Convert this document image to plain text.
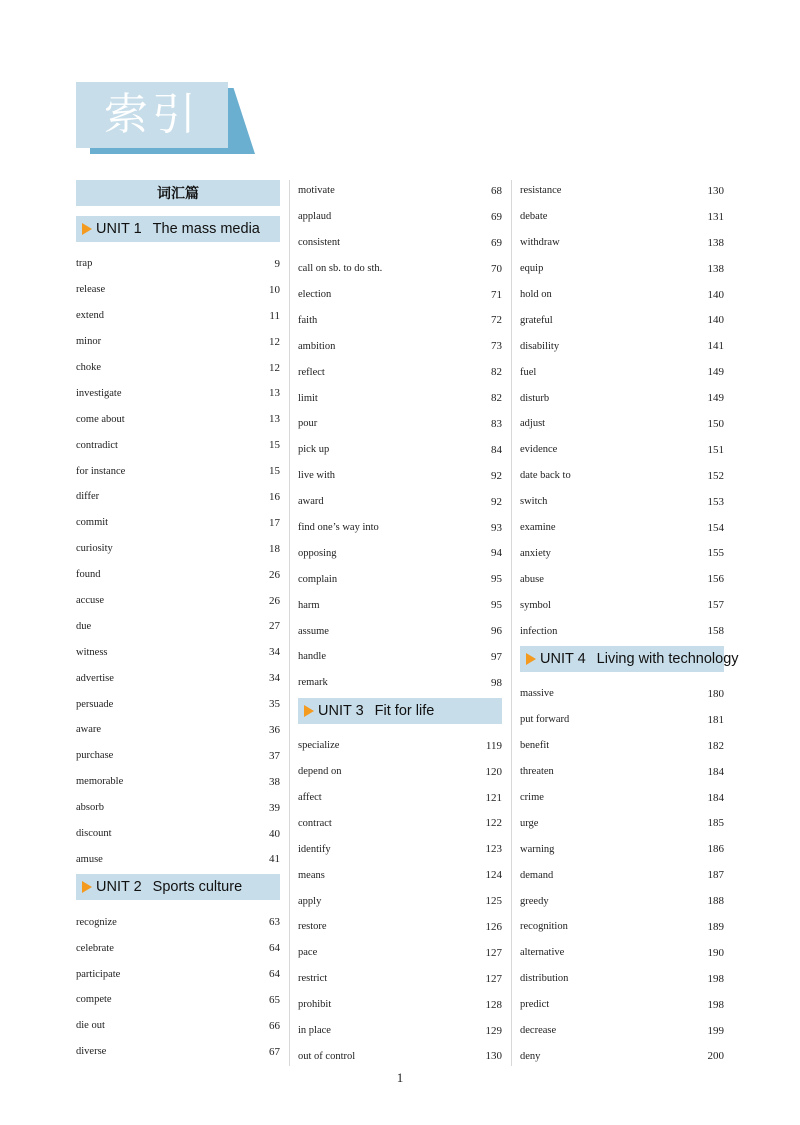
索引
词汇篇
UNIT 1 The mass media
trap	9
release	10
extend	11
minor	12
choke	12
investigate	13
come about	13
contradict	15
for instance	15
differ	16
commit	17
curiosity	18
found	26
accuse	26
due	27
witness	34
advertise	34
persuade	35
aware	36
purchase	37
memorable	38
absorb	39
discount	40
amuse	41
UNIT 2 Sports culture
recognize	63
celebrate	64
participate	64
compete	65
die out	66
diverse	67
motivate	68
applaud	69
consistent	69
call on sb. to do sth.	70
election	71
faith	72
ambition	73
reflect	82
limit	82
pour	83
pick up	84
live with	92
award	92
find one’s way into	93
opposing	94
complain	95
harm	95
assume	96
handle	97
remark	98
UNIT 3 Fit for life
specialize	119
depend on	120
affect	121
contract	122
identify	123
means	124
apply	125
restore	126
pace	127
restrict	127
prohibit	128
in place	129
out of control	130
resistance	130
debate	131
withdraw	138
equip	138
hold on	140
grateful	140
disability	141
fuel	149
disturb	149
adjust	150
evidence	151
date back to	152
switch	153
examine	154
anxiety	155
abuse	156
symbol	157
infection	158
UNIT 4 Living with technology
massive	180
put forward	181
benefit	182
threaten	184
crime	184
urge	185
warning	186
demand	187
greedy	188
recognition	189
alternative	190
distribution	198
predict	198
decrease	199
deny	200
1
